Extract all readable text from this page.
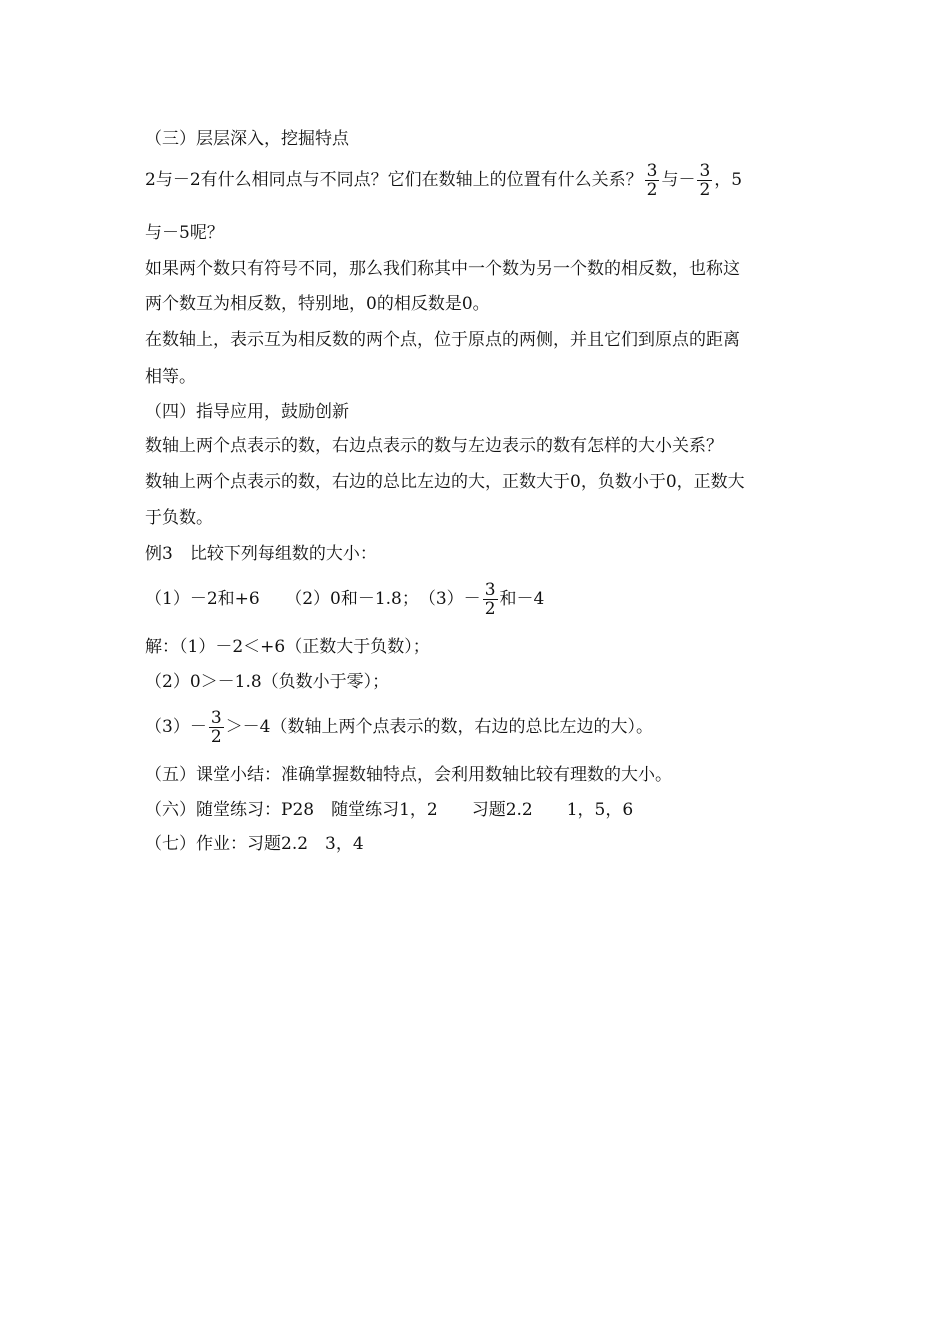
（三）层层深入，挖掘特点
2与－2有什么相同点与不同点？它们在数轴上的位置有什么关系？ $\frac{3}{2}$ 与－ $\frac{3}{2}$ ，5
与－5呢？
如果两个数只有符号不同，那么我们称其中一个数为另一个数的相反数，也称这
两个数互为相反数，特别地，0的相反数是0。
在数轴上，表示互为相反数的两个点，位于原点的两侧，并且它们到原点的距离
相等。
（四）指导应用，鼓励创新
数轴上两个点表示的数，右边点表示的数与左边表示的数有怎样的大小关系？
数轴上两个点表示的数，右边的总比左边的大，正数大于0，负数小于0，正数大
于负数。
例3　比较下列每组数的大小：
（1）－2和+6　　（2）0和－1.8；　$(3)- \frac{3}{2}$ 和－4
解：（1）－2＜+6（正数大于负数）；
（2）0＞－1.8（负数小于零）；
$(3)- \frac{3}{2} >-4$（数轴上两个点表示的数，右边的总比左边的大）。
（五）课堂小结：准确掌握数轴特点，会利用数轴比较有理数的大小。
（六）随堂练习：P28　随堂练习1，2　　习题2.2　　1，5，6
（七）作业：习题2.2　3，4
